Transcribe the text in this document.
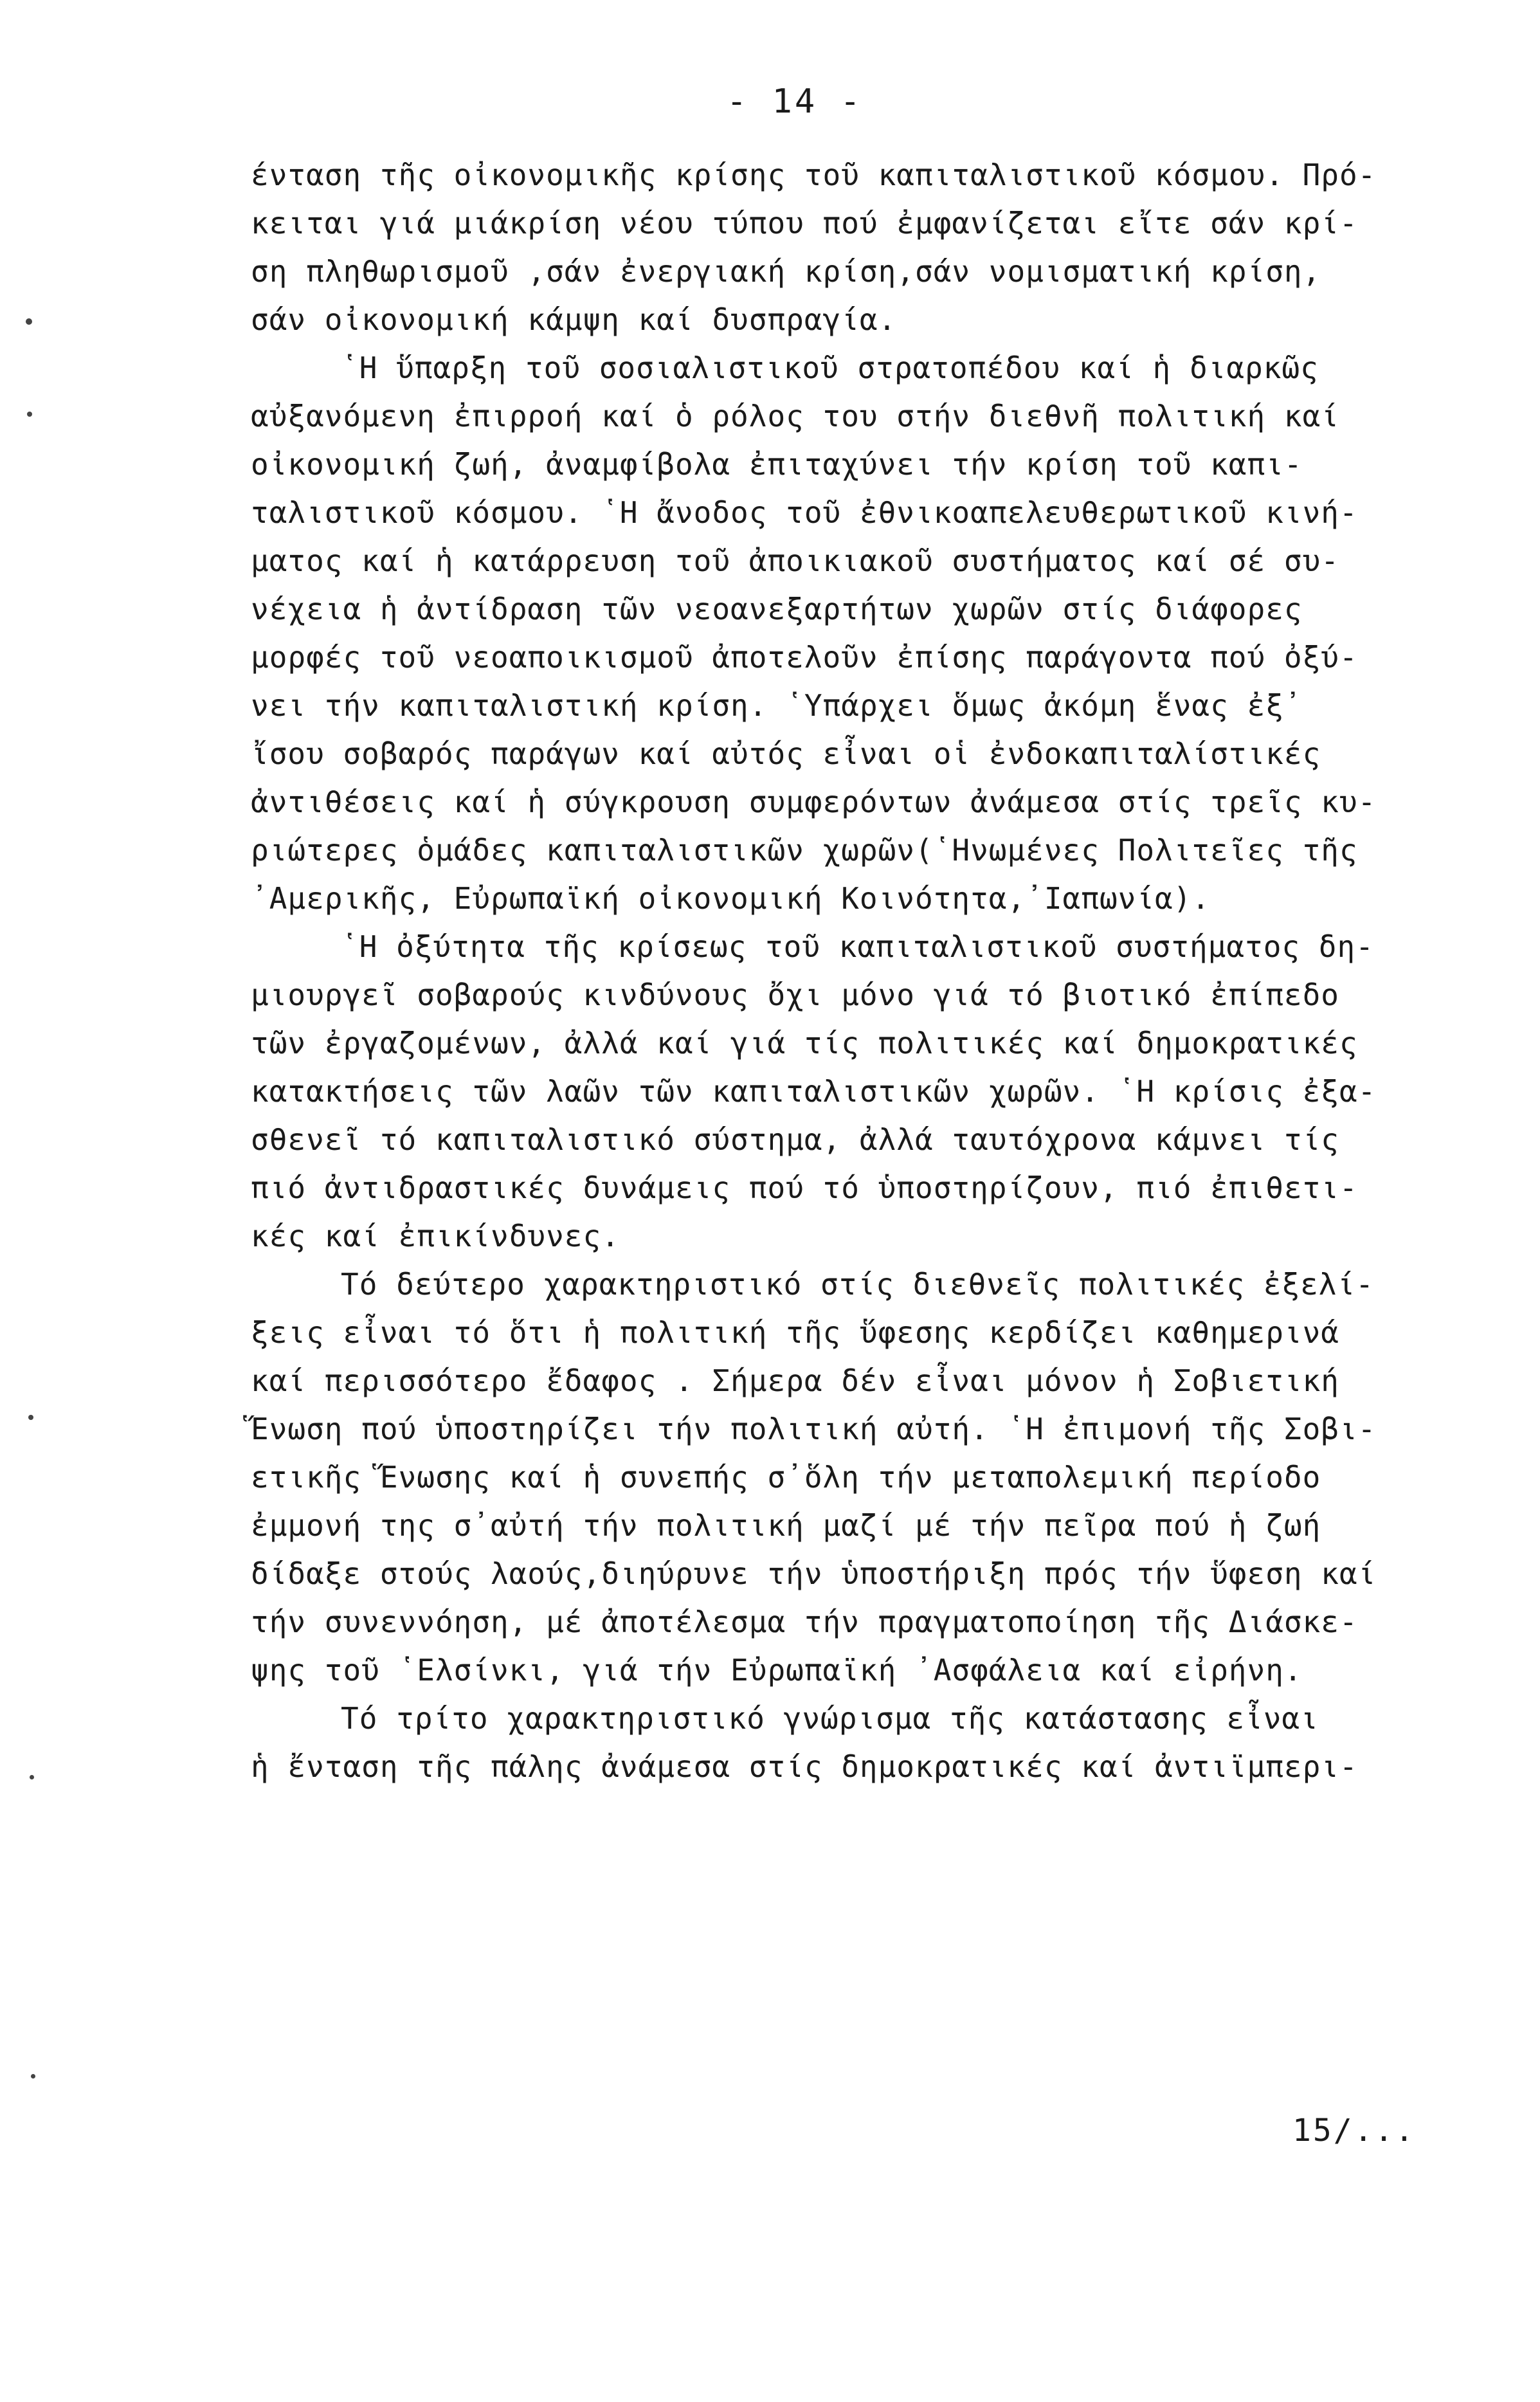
- 14 -
ένταση τῆς οἰκονομικῆς κρίσης τοῦ καπιταλιστικοῦ κόσμου. Πρό-
κειται γιά μιάκρίση νέου τύπου πού ἐμφανίζεται εἴτε σάν κρί-
ση πληθωρισμοῦ ,σάν ἐνεργιακή κρίση,σάν νομισματική κρίση,
σάν οἰκονομική κάμψη καί δυσπραγία.
῾Η ὕπαρξη τοῦ σοσιαλιστικοῦ στρατοπέδου καί ἡ διαρκῶς
αὐξανόμενη ἐπιρροή καί ὁ ρόλος του στήν διεθνῆ πολιτική καί
οἰκονομική ζωή, ἀναμφίβολα ἐπιταχύνει τήν κρίση τοῦ καπι-
ταλιστικοῦ κόσμου. ῾Η ἄνοδος τοῦ ἐθνικοαπελευθερωτικοῦ κινή-
ματος καί ἡ κατάρρευση τοῦ ἀποικιακοῦ συστήματος καί σέ συ-
νέχεια ἡ ἀντίδραση τῶν νεοανεξαρτήτων χωρῶν στίς διάφορες
μορφές τοῦ νεοαποικισμοῦ ἀποτελοῦν ἐπίσης παράγοντα πού ὀξύ-
νει τήν καπιταλιστική κρίση. ῾Υπάρχει ὅμως ἀκόμη ἕνας ἐξ᾿
ἴσου σοβαρός παράγων καί αὐτός εἶναι οἱ ἐνδοκαπιταλίστικές
ἀντιθέσεις καί ἡ σύγκρουση συμφερόντων ἀνάμεσα στίς τρεῖς κυ-
ριώτερες ὁμάδες καπιταλιστικῶν χωρῶν(῾Ηνωμένες Πολιτεῖες τῆς
᾿Αμερικῆς, Εὐρωπαϊκή οἰκονομική Κοινότητα,᾿Ιαπωνία).
῾Η ὀξύτητα τῆς κρίσεως τοῦ καπιταλιστικοῦ συστήματος δη-
μιουργεῖ σοβαρούς κινδύνους ὄχι μόνο γιά τό βιοτικό ἐπίπεδο
τῶν ἐργαζομένων, ἀλλά καί γιά τίς πολιτικές καί δημοκρατικές
κατακτήσεις τῶν λαῶν τῶν καπιταλιστικῶν χωρῶν. ῾Η κρίσις ἐξα-
σθενεῖ τό καπιταλιστικό σύστημα, ἀλλά ταυτόχρονα κάμνει τίς
πιό ἀντιδραστικές δυνάμεις πού τό ὑποστηρίζουν, πιό ἐπιθετι-
κές καί ἐπικίνδυνες.
Τό δεύτερο χαρακτηριστικό στίς διεθνεῖς πολιτικές ἐξελί-
ξεις εἶναι τό ὅτι ἡ πολιτική τῆς ὕφεσης κερδίζει καθημερινά
καί περισσότερο ἔδαφος . Σήμερα δέν εἶναι μόνον ἡ Σοβιετική
Ἕνωση πού ὑποστηρίζει τήν πολιτική αὐτή. ῾Η ἐπιμονή τῆς Σοβι-
ετικῆς Ἕνωσης καί ἡ συνεπής σ᾿ὅλη τήν μεταπολεμική περίοδο
ἐμμονή της σ᾿αὐτή τήν πολιτική μαζί μέ τήν πεῖρα πού ἡ ζωή
δίδαξε στούς λαούς,διηύρυνε τήν ὑποστήριξη πρός τήν ὕφεση καί
τήν συνεννόηση, μέ ἀποτέλεσμα τήν πραγματοποίηση τῆς Διάσκε-
ψης τοῦ ῾Ελσίνκι, γιά τήν Εὐρωπαϊκή ᾿Ασφάλεια καί εἰρήνη.
Τό τρίτο χαρακτηριστικό γνώρισμα τῆς κατάστασης εἶναι
ἡ ἔνταση τῆς πάλης ἀνάμεσα στίς δημοκρατικές καί ἀντιϊμπερι-
15/...
